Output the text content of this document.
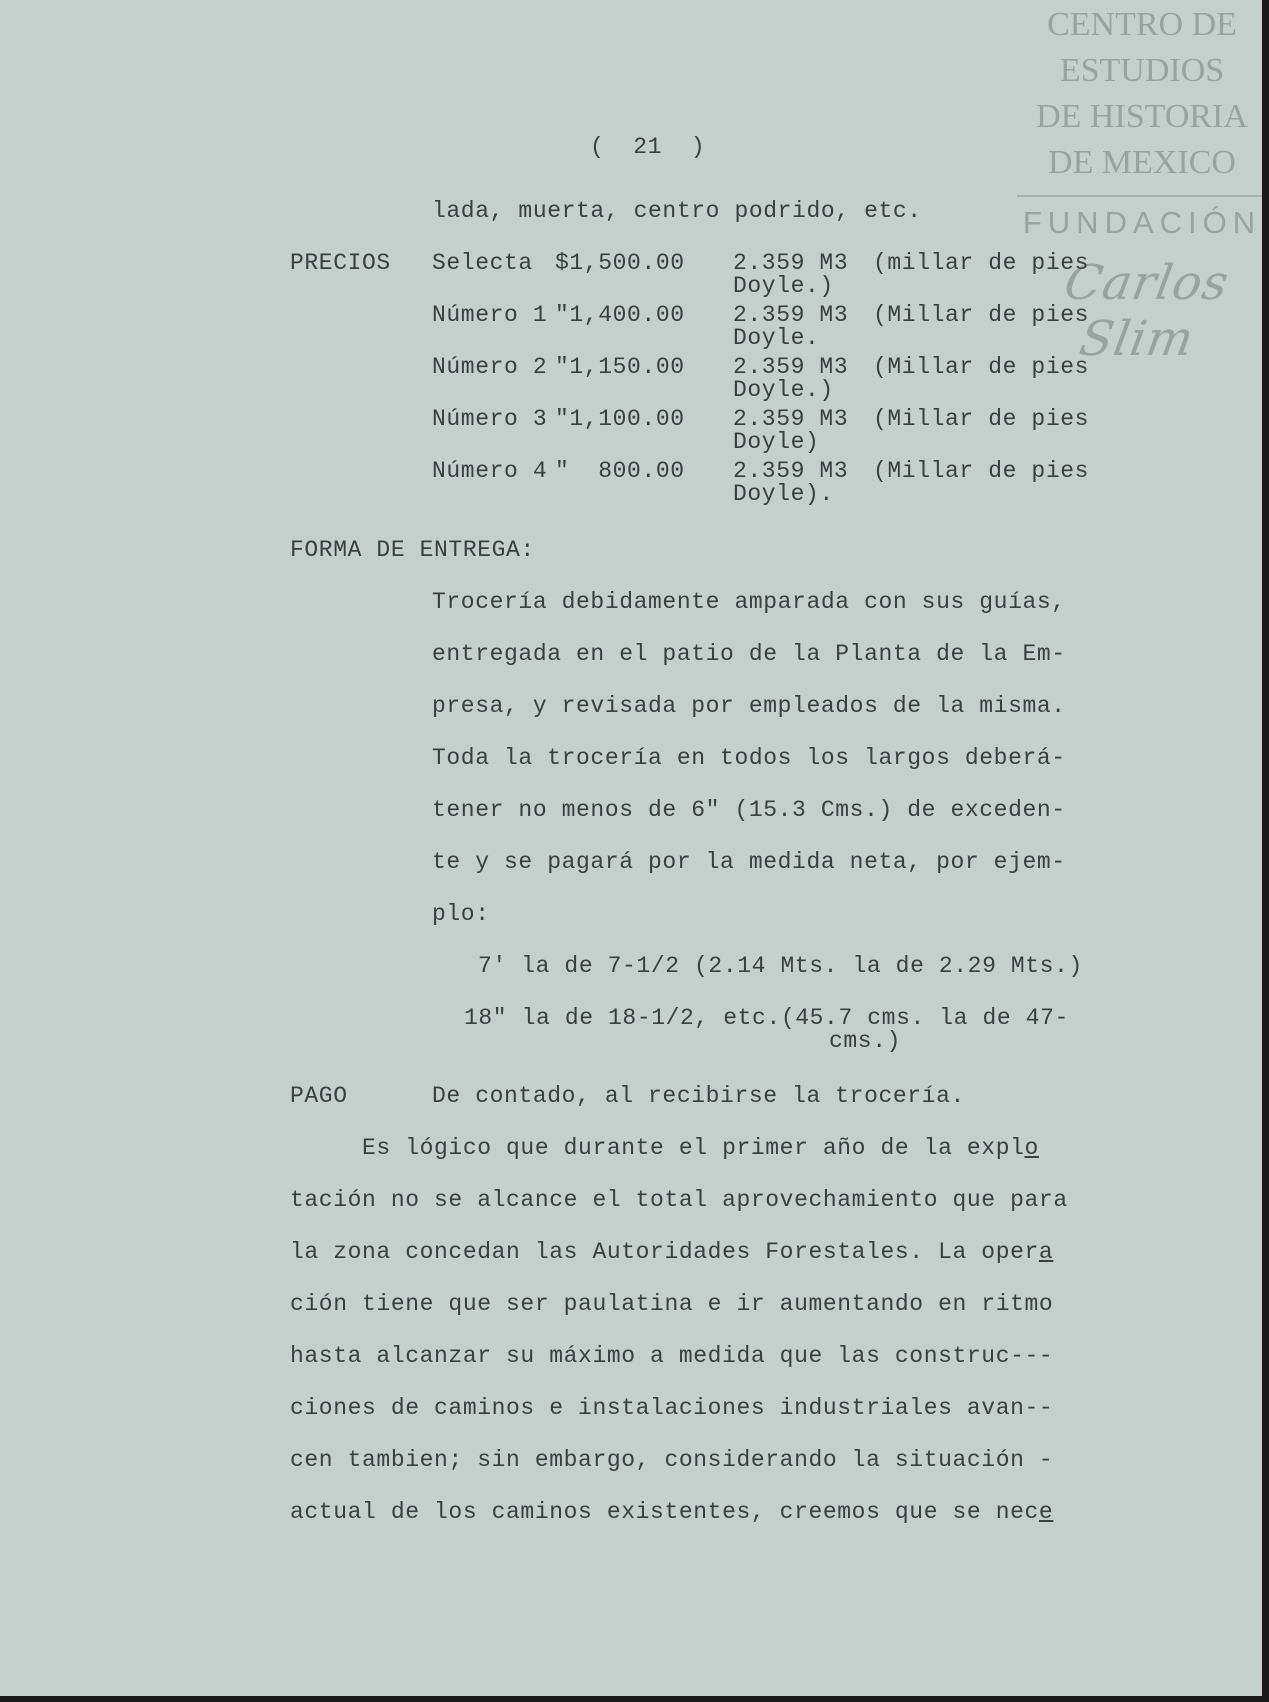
CENTRO DE
ESTUDIOS
DE HISTORIA
DE MEXICO
FUNDACIÓN
Carlos Slim
(  21  )
lada, muerta, centro podrido, etc.
PRECIOS Selecta $1,500.00 2.359 M3 (millar de pies
Doyle.)
Número 1 "1,400.00 2.359 M3 (Millar de pies
Doyle.
Número 2 "1,150.00 2.359 M3 (Millar de pies
Doyle.)
Número 3 "1,100.00 2.359 M3 (Millar de pies
Doyle)
Número 4 "  800.00 2.359 M3 (Millar de pies
Doyle).
FORMA DE ENTREGA:
Trocería debidamente amparada con sus guías,
entregada en el patio de la Planta de la Em-
presa, y revisada por empleados de la misma.
Toda la trocería en todos los largos deberá-
tener no menos de 6" (15.3 Cms.) de exceden-
te y se pagará por la medida neta, por ejem-
plo:
7' la de 7-1/2 (2.14 Mts. la de 2.29 Mts.)
18" la de 18-1/2, etc.(45.7 cms. la de 47-
cms.)
PAGO	De contado, al recibirse la trocería.
Es lógico que durante el primer año de la explo
tación no se alcance el total aprovechamiento que para
la zona concedan las Autoridades Forestales. La opera
ción tiene que ser paulatina e ir aumentando en ritmo
hasta alcanzar su máximo a medida que las construc---
ciones de caminos e instalaciones industriales avan--
cen tambien; sin embargo, considerando la situación -
actual de los caminos existentes, creemos que se nece
